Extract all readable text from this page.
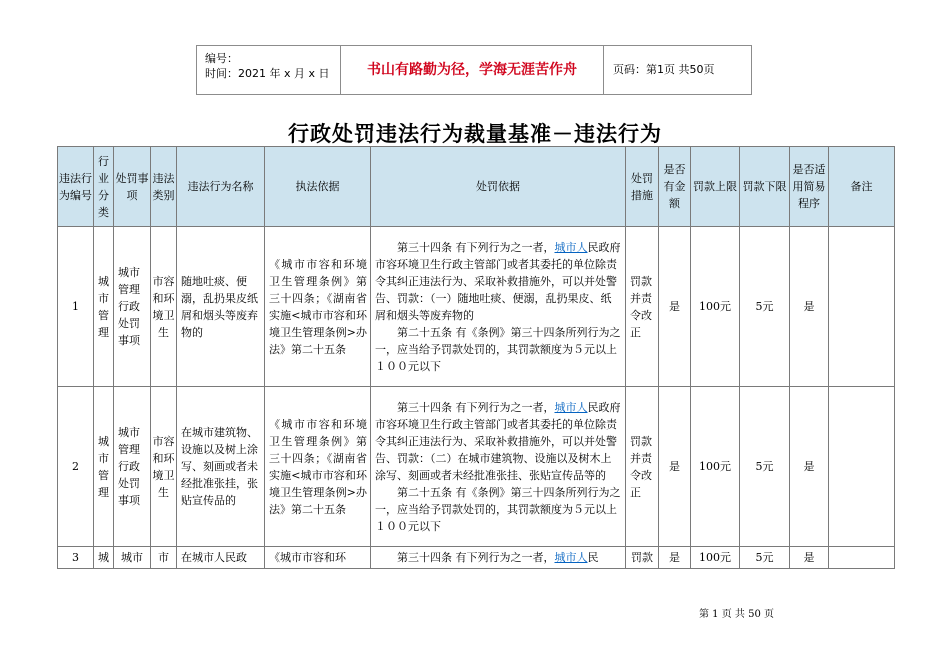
编号：
时间：2021 年 x 月 x 日	书山有路勤为径，学海无涯苦作舟	页码：第1页 共50页
行政处罚违法行为裁量基准－违法行为
违法行为编号	行业分类	处罚事项	违法类别	违法行为名称	执法依据	处罚依据	处罚措施	是否有金额	罚款上限	罚款下限	是否适用简易程序	备注
1	城市管理	城市管理行政处罚事项	市容和环境卫生	随地吐痰、便溺，乱扔果皮纸屑和烟头等废弃物的	《城市市容和环境卫生管理条例》第三十四条；《湖南省实施<城市市容和环境卫生管理条例>办法》第二十五条	第三十四条 有下列行为之一者，城市人民政府市容环境卫生行政主管部门或者其委托的单位除责令其纠正违法行为、采取补救措施外，可以并处警告、罚款：（一）随地吐痰、便溺，乱扔果皮、纸屑和烟头等废弃物的

第二十五条 有《条例》第三十四条所列行为之一，应当给予罚款处罚的，其罚款额度为５元以上１００元以下	罚款并责令改正	是	100元	5元	是	
2	城市管理	城市管理行政处罚事项	市容和环境卫生	在城市建筑物、设施以及树上涂写、刻画或者未经批准张挂，张贴宣传品的	《城市市容和环境卫生管理条例》第三十四条；《湖南省实施<城市市容和环境卫生管理条例>办法》第二十五条	第三十四条 有下列行为之一者，城市人民政府市容环境卫生行政主管部门或者其委托的单位除责令其纠正违法行为、采取补救措施外，可以并处警告、罚款：（二）在城市建筑物、设施以及树木上涂写、刻画或者未经批准张挂、张贴宣传品等的

第二十五条 有《条例》第三十四条所列行为之一，应当给予罚款处罚的，其罚款额度为５元以上１００元以下	罚款并责令改正	是	100元	5元	是	
3	城	城市	市	在城市人民政	《城市市容和环	第三十四条 有下列行为之一者，城市人民	罚款	是	100元	5元	是	
第 1 页 共 50 页
